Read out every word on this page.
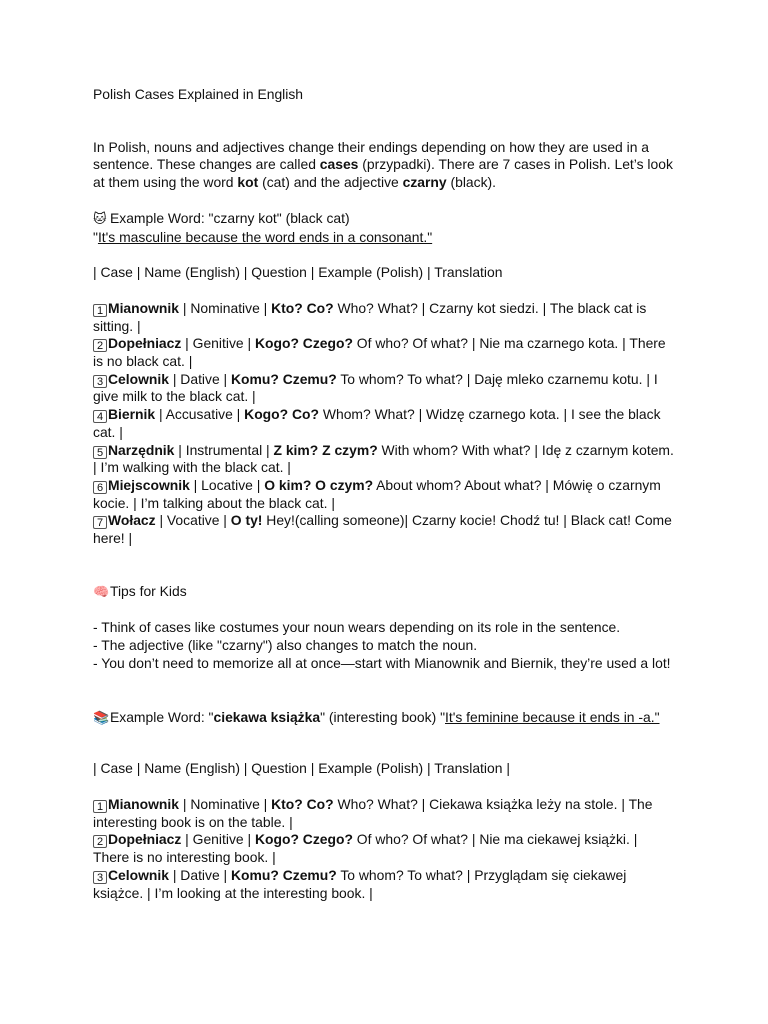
Polish Cases Explained in English

In Polish, nouns and adjectives change their endings depending on how they are used in a sentence. These changes are called cases (przypadki). There are 7 cases in Polish. Let’s look at them using the word kot (cat) and the adjective czarny (black).

🐱 Example Word: "czarny kot" (black cat)

"It's masculine because the word ends in a consonant."

| Case | Name (English) | Question | Example (Polish) | Translation

1 Mianownik | Nominative | Kto? Co? Who? What? | Czarny kot siedzi. | The black cat is sitting. |

2 Dopełniacz | Genitive | Kogo? Czego? Of who? Of what? | Nie ma czarnego kota. | There is no black cat. |

3 Celownik | Dative | Komu? Czemu? To whom? To what? | Daję mleko czarnemu kotu. | I give milk to the black cat. |

4 Biernik | Accusative | Kogo? Co? Whom? What? | Widzę czarnego kota. | I see the black cat. |

5 Narzędnik | Instrumental | Z kim? Z czym? With whom? With what? | Idę z czarnym kotem. | I’m walking with the black cat. |

6 Miejscownik | Locative | O kim? O czym? About whom? About what? | Mówię o czarnym kocie. | I’m talking about the black cat. |

7 Wołacz | Vocative | O ty! Hey!(calling someone)| Czarny kocie! Chodź tu! | Black cat! Come here! |

🧠Tips for Kids

- Think of cases like costumes your noun wears depending on its role in the sentence.

- The adjective (like "czarny") also changes to match the noun.

- You don’t need to memorize all at once—start with Mianownik and Biernik, they’re used a lot!

📚Example Word: "ciekawa książka" (interesting book) "It's feminine because it ends in -a."

| Case | Name (English) | Question | Example (Polish) | Translation |

1 Mianownik | Nominative | Kto? Co? Who? What? | Ciekawa książka leży na stole. | The interesting book is on the table. |

2 Dopełniacz | Genitive | Kogo? Czego? Of who? Of what? | Nie ma ciekawej książki. | There is no interesting book. |

3 Celownik | Dative | Komu? Czemu? To whom? To what? | Przyglądam się ciekawej książce. | I’m looking at the interesting book. |
